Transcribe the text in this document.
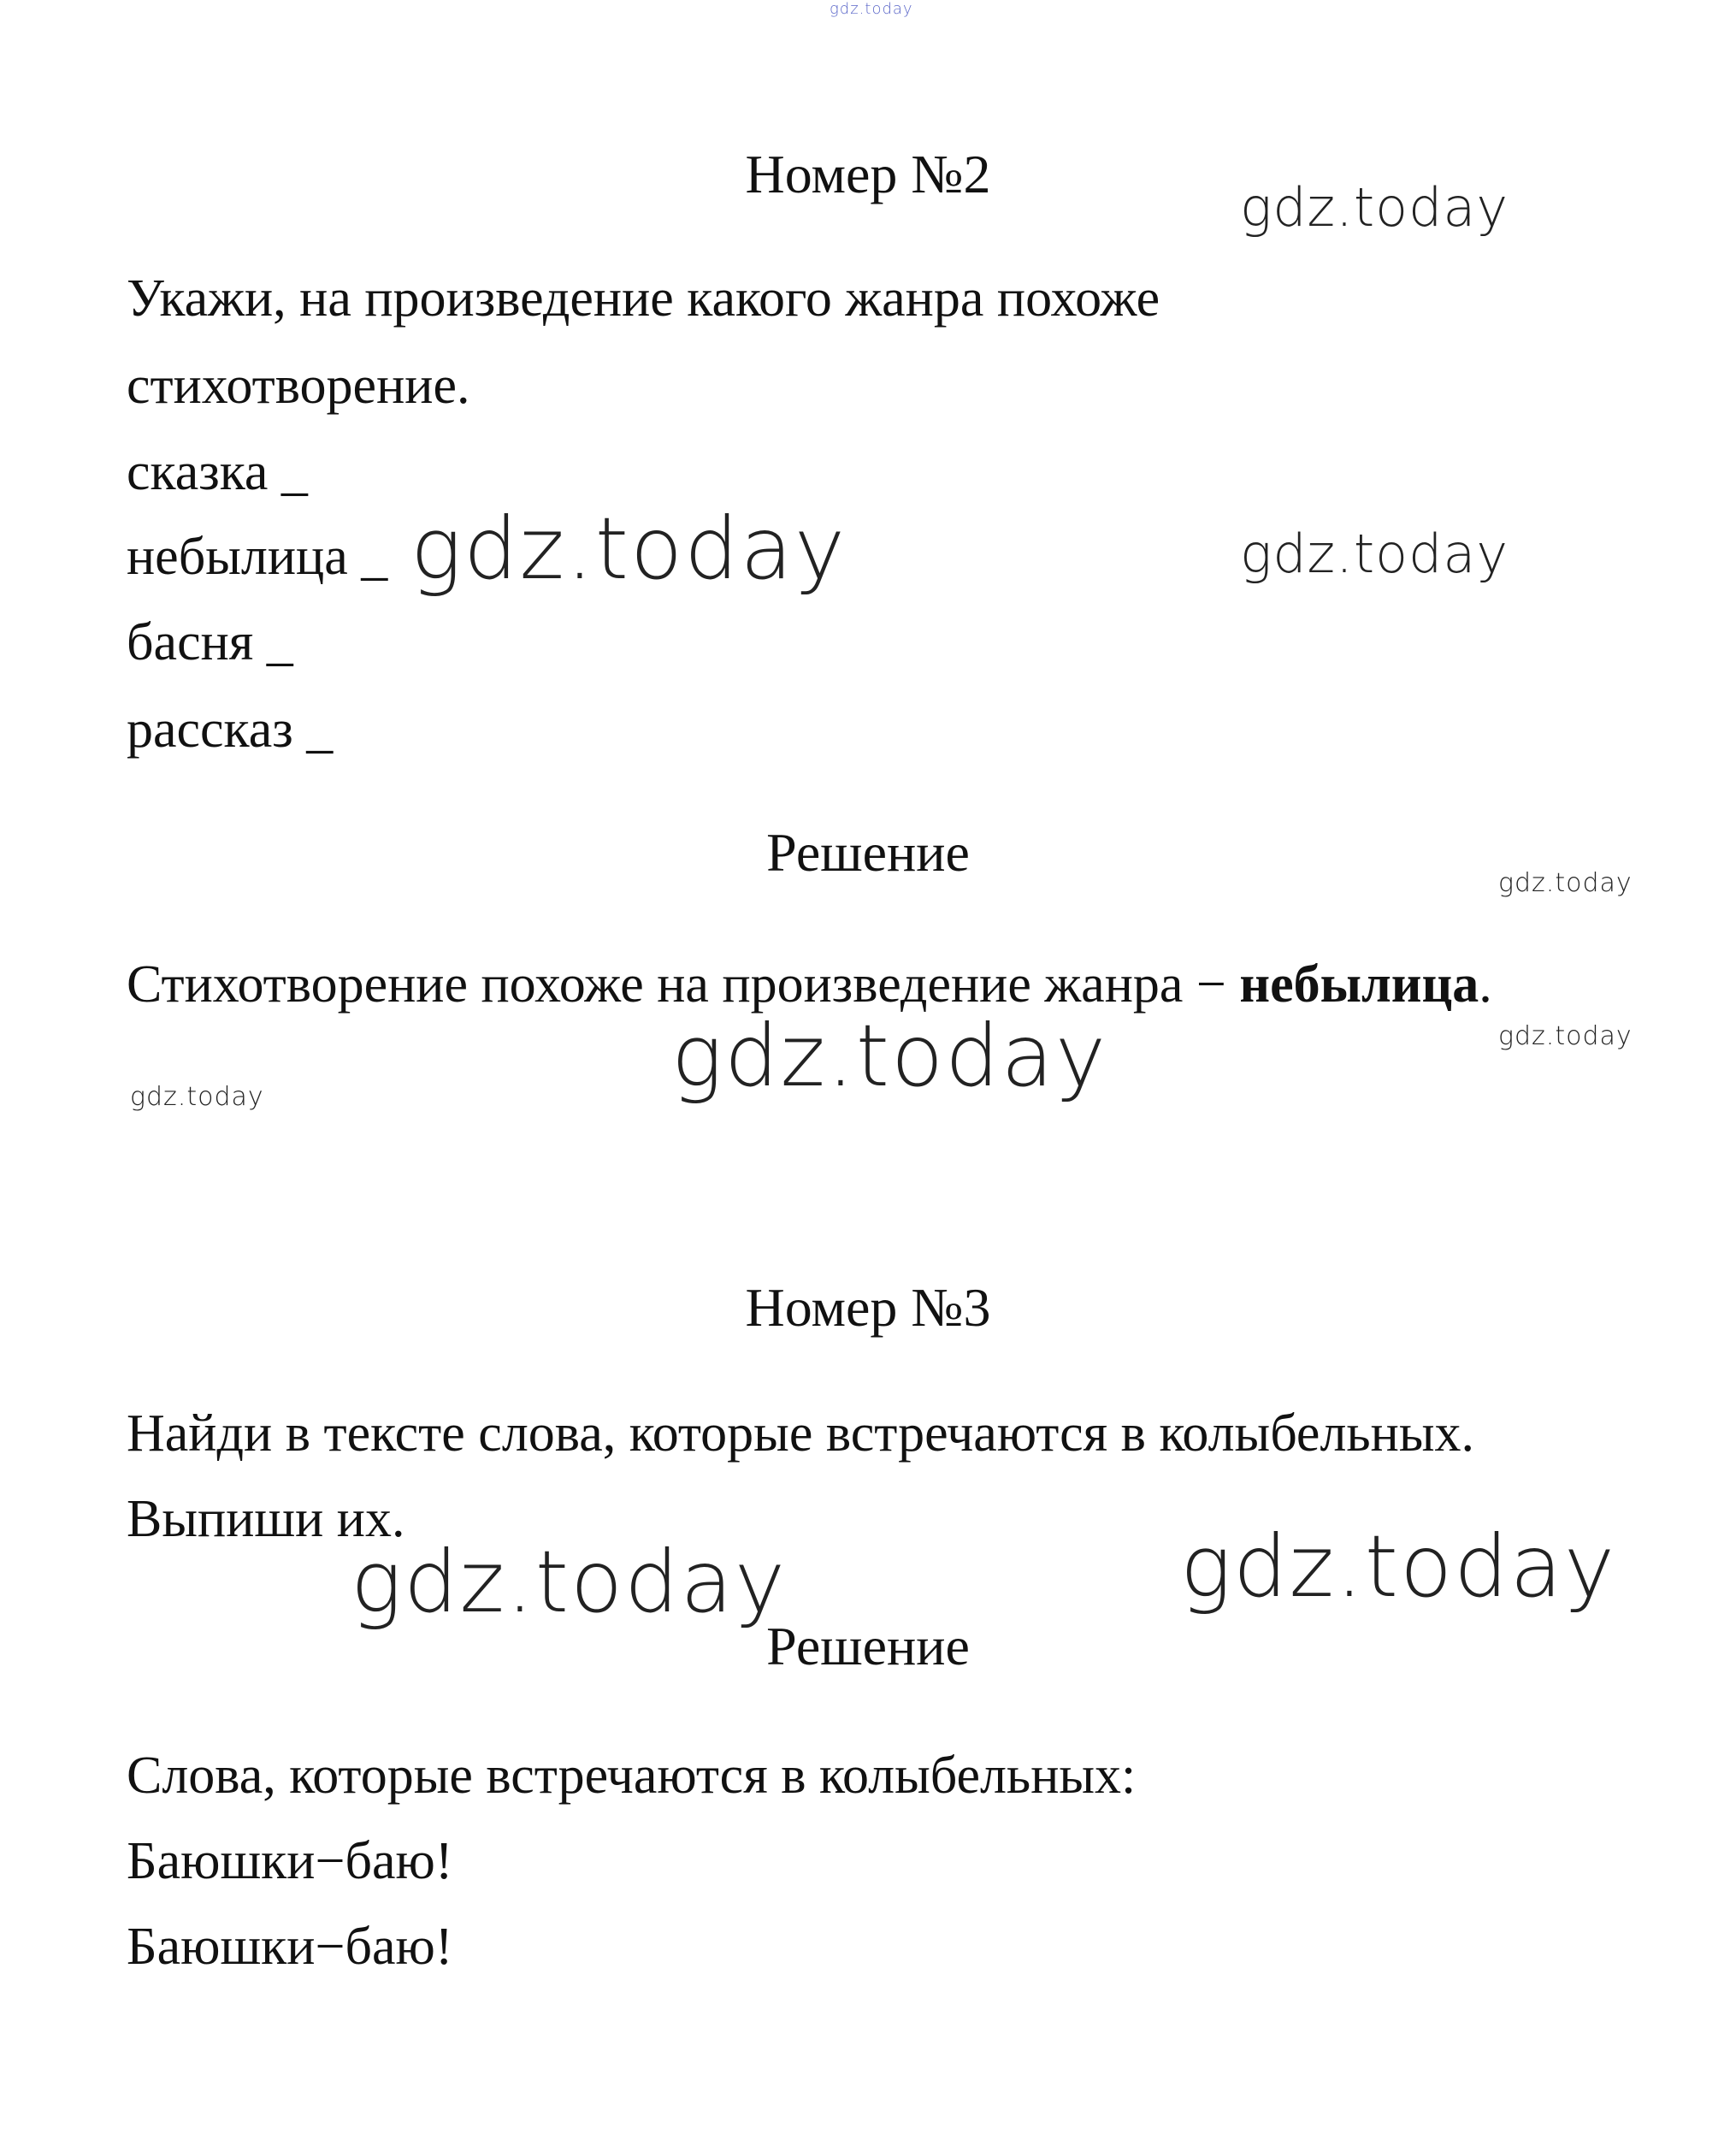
gdz.today
Номер №2
gdz.today
Укажи, на произведение какого жанра похоже
стихотворение.
сказка _
небылица _ gdz.today	gdz.today
басня _
рассказ _
Решение
gdz.today
Стихотворение похоже на произведение жанра − небылица.
gdz.today
gdz.today
gdz.today
Номер №3
Найди в тексте слова, которые встречаются в колыбельных.
Выпиши их.
gdz.today	gdz.today
Решение
Слова, которые встречаются в колыбельных:
Баюшки−баю!
Баюшки−баю!
